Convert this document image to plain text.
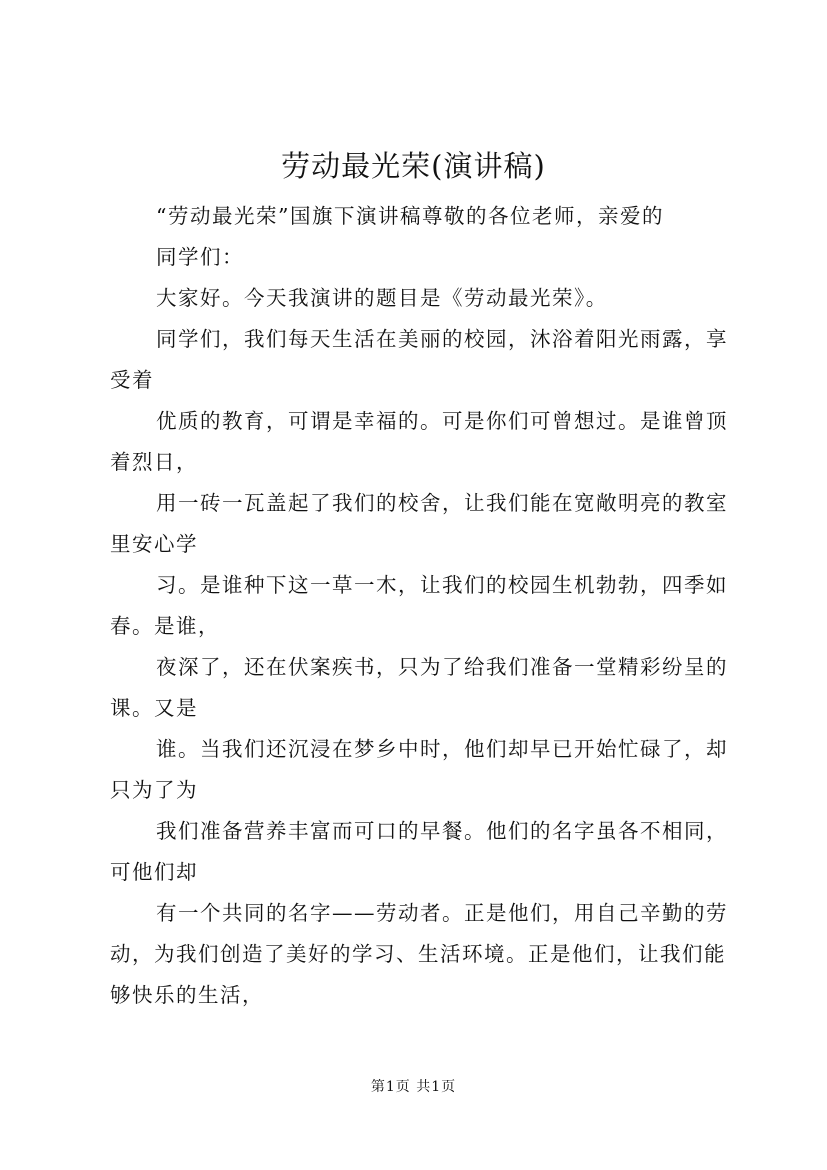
劳动最光荣(演讲稿)

“劳动最光荣”国旗下演讲稿尊敬的各位老师，亲爱的

同学们：

大家好。今天我演讲的题目是《劳动最光荣》。

同学们，我们每天生活在美丽的校园，沐浴着阳光雨露，享受着

优质的教育，可谓是幸福的。可是你们可曾想过。是谁曾顶着烈日，

用一砖一瓦盖起了我们的校舍，让我们能在宽敞明亮的教室里安心学

习。是谁种下这一草一木，让我们的校园生机勃勃，四季如春。是谁，

夜深了，还在伏案疾书，只为了给我们准备一堂精彩纷呈的课。又是

谁。当我们还沉浸在梦乡中时，他们却早已开始忙碌了，却只为了为

我们准备营养丰富而可口的早餐。他们的名字虽各不相同，可他们却

有一个共同的名字——劳动者。正是他们，用自己辛勤的劳动，为我们创造了美好的学习、生活环境。正是他们，让我们能够快乐的生活，

第1页 共1页
